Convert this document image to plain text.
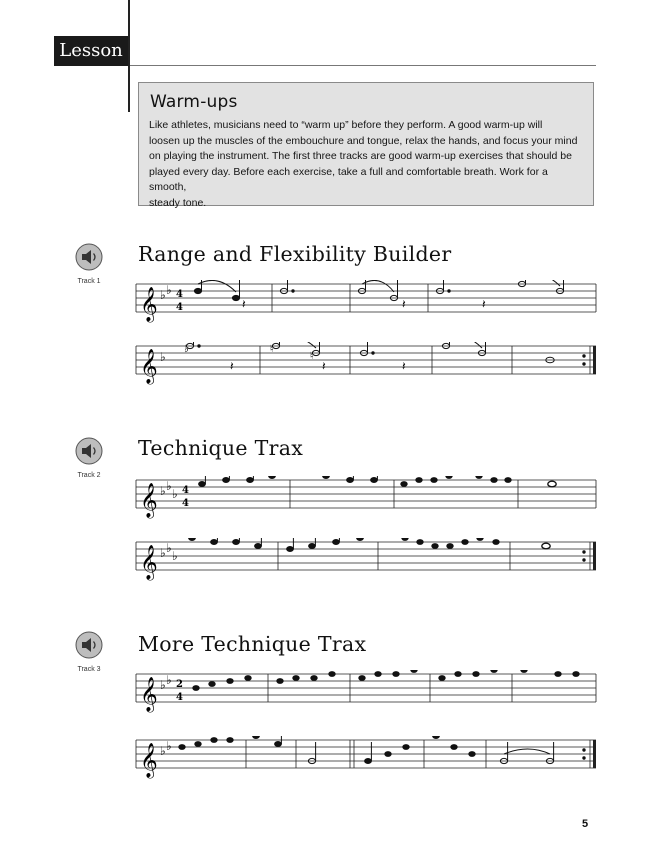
Lesson 1
Warm-ups

Like athletes, musicians need to “warm up” before they perform. A good warm-up will
loosen up the muscles of the embouchure and tongue, relax the hands, and focus your mind
on playing the instrument. The first three tracks are good warm-up exercises that should be
played every day. Before each exercise, take a full and comfortable breath. Work for a smooth,
steady tone.

Track 1
Range and Flexibility Builder
𝄞 ♭ ♭ 4
4	𝄽	𝄽	𝄽
𝄞 ♭
♭	♮
♮
𝄽	𝄽	𝄽
Track 2
Technique Trax
𝄞 ♭ ♭
♭ 4
4
𝄞 ♭ ♭
♭
Track 3
More Technique Trax
𝄞 ♭ ♭ 2
4
𝄞 ♭ ♭
5
